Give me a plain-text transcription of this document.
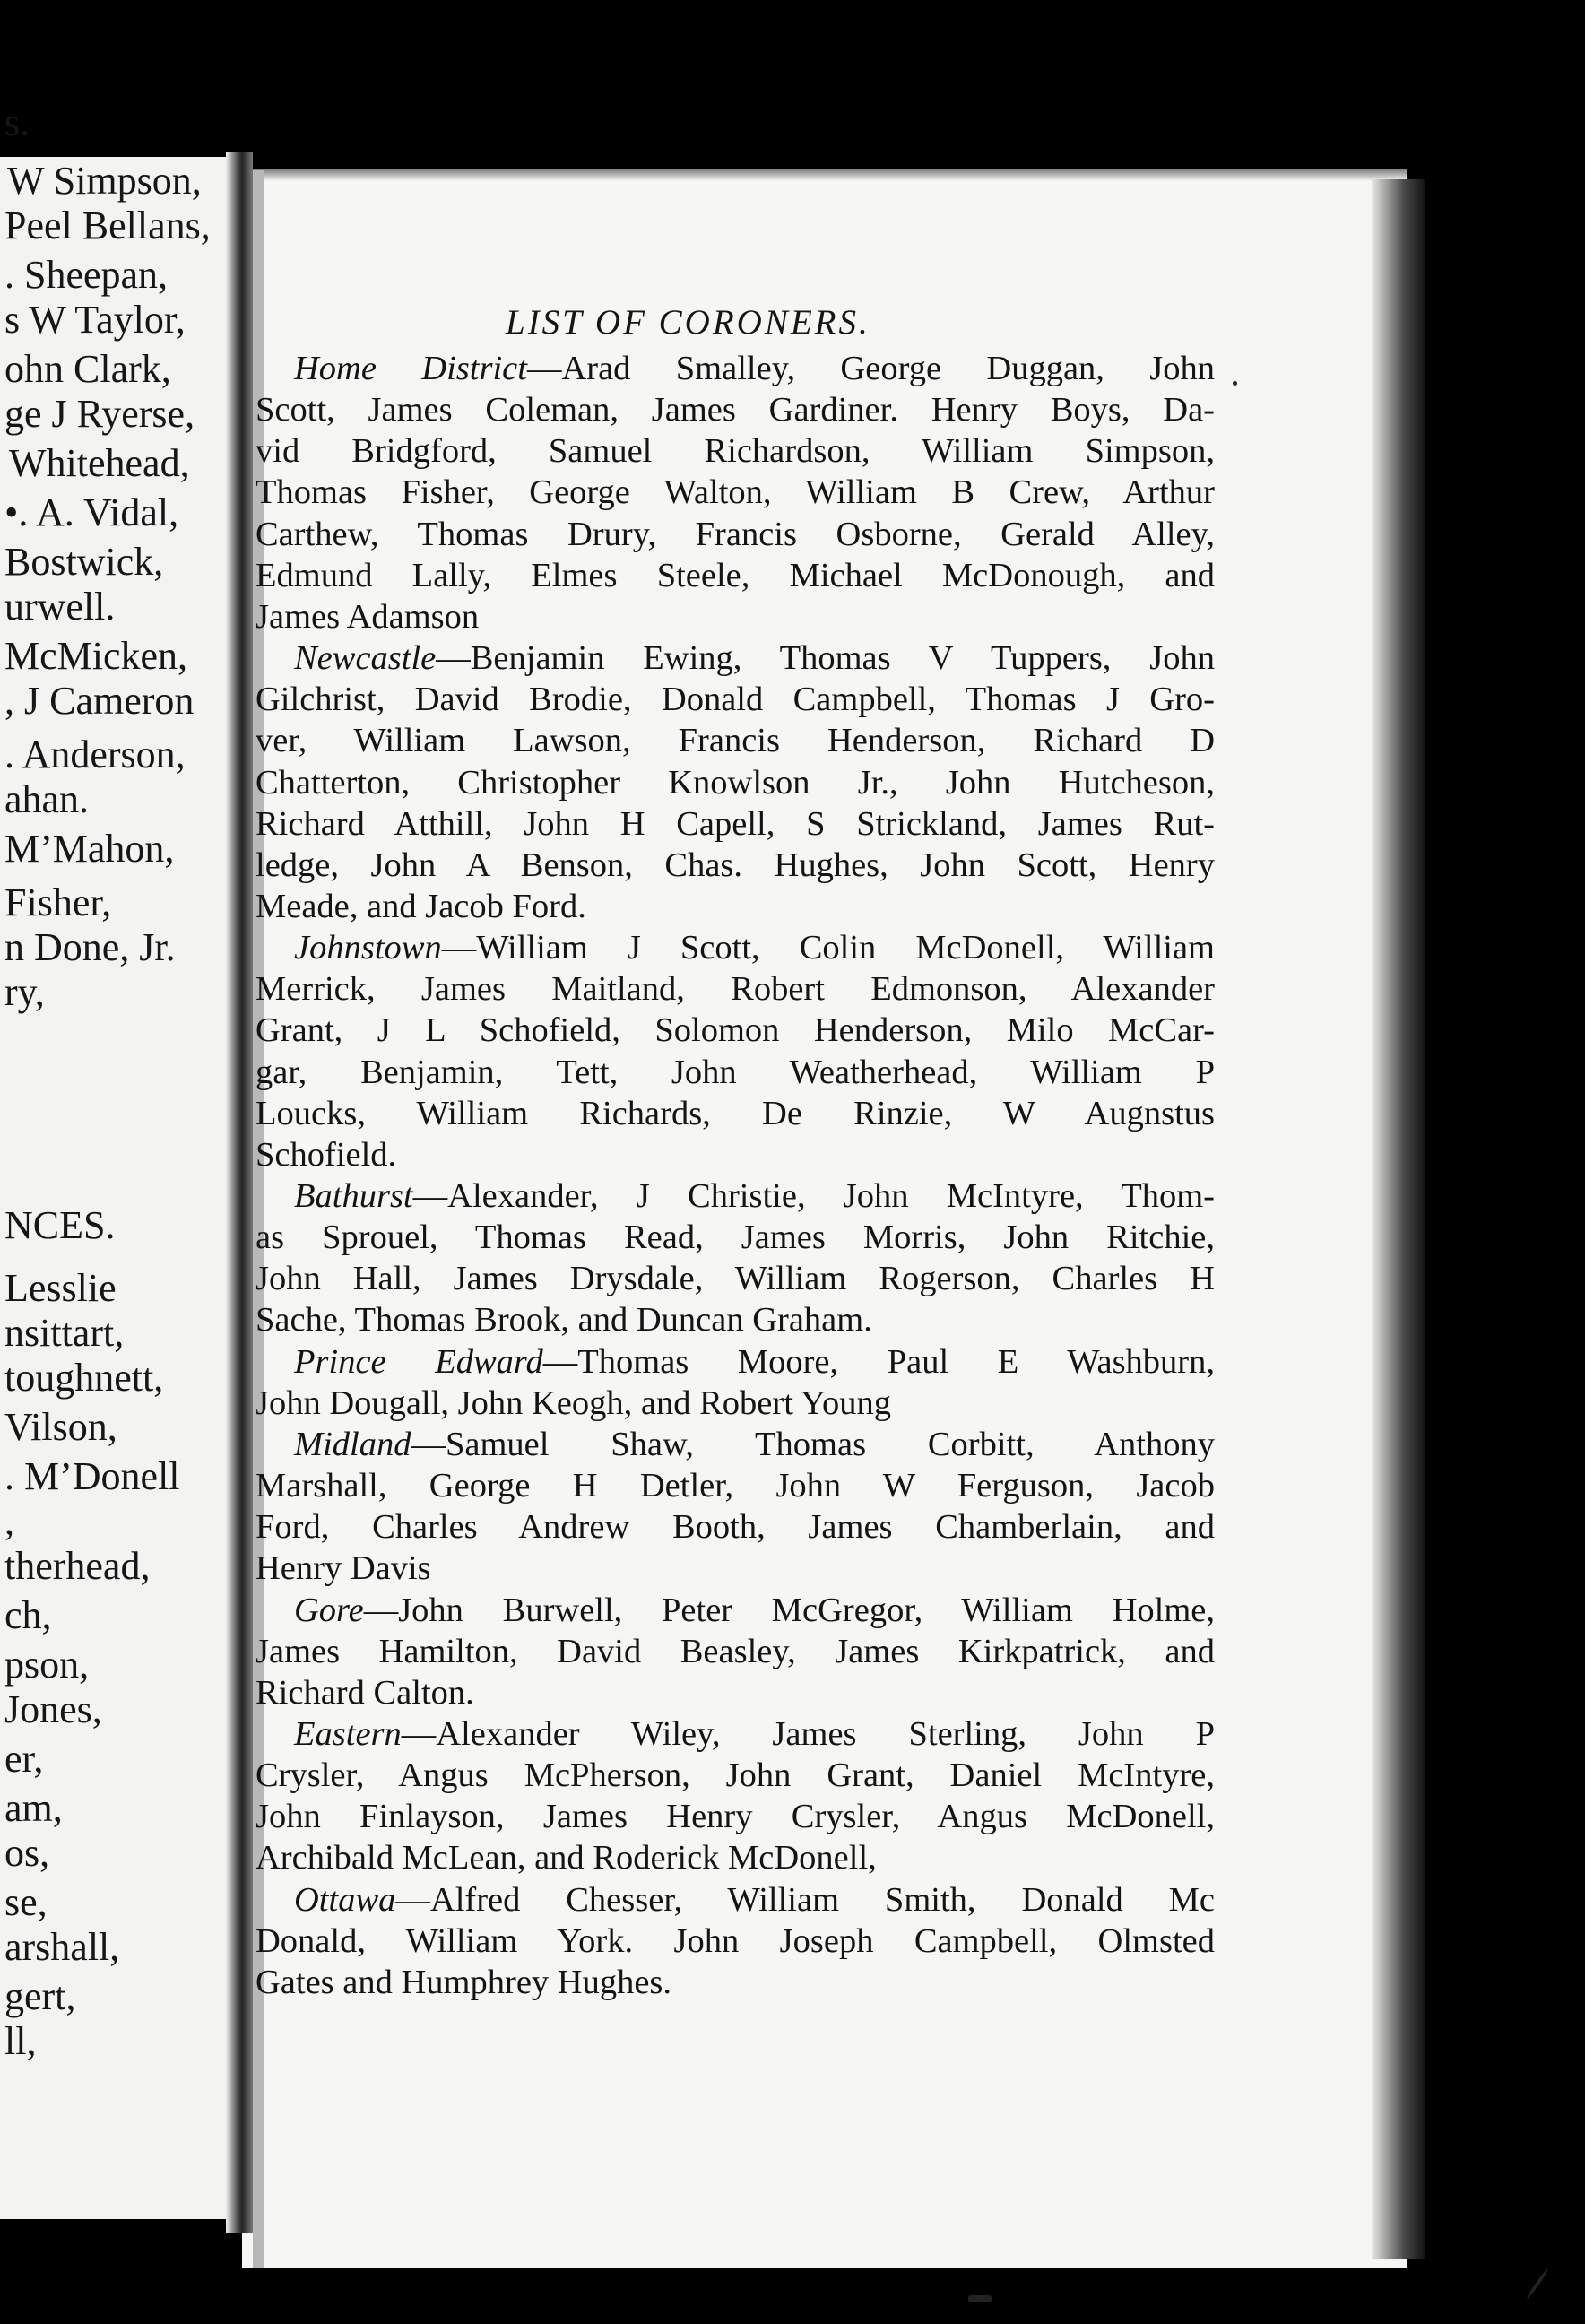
s.
W Simpson,
Peel Bellans,
. Sheepan,
s W Taylor,
ohn Clark,
ge J Ryerse,
Whitehead,
•. A. Vidal,
Bostwick,
urwell.
McMicken,
, J Cameron
. Anderson,
ahan.
M’Mahon,
Fisher,
n Done, Jr.
ry,
NCES.
Lesslie
nsittart,
toughnett,
Vilson,
. M’Donell
,
therhead,
ch,
pson,
Jones,
er,
am,
os,
se,
arshall,
gert,
ll,
LIST OF CORONERS.
Home District—Arad Smalley, George Duggan, John
Scott, James Coleman, James Gardiner. Henry Boys, Da-
vid Bridgford, Samuel Richardson, William Simpson,
Thomas Fisher, George Walton, William B Crew, Arthur
Carthew, Thomas Drury, Francis Osborne, Gerald Alley,
Edmund Lally, Elmes Steele, Michael McDonough, and
James Adamson
Newcastle—Benjamin Ewing, Thomas V Tuppers, John
Gilchrist, David Brodie, Donald Campbell, Thomas J Gro-
ver, William Lawson, Francis Henderson, Richard D
Chatterton, Christopher Knowlson Jr., John Hutcheson,
Richard Atthill, John H Capell, S Strickland, James Rut-
ledge, John A Benson, Chas. Hughes, John Scott, Henry
Meade, and Jacob Ford.
Johnstown—William J Scott, Colin McDonell, William
Merrick, James Maitland, Robert Edmonson, Alexander
Grant, J L Schofield, Solomon Henderson, Milo McCar-
gar, Benjamin, Tett, John Weatherhead, William P
Loucks, William Richards, De Rinzie, W Augnstus
Schofield.
Bathurst—Alexander, J Christie, John McIntyre, Thom-
as Sprouel, Thomas Read, James Morris, John Ritchie,
John Hall, James Drysdale, William Rogerson, Charles H
Sache, Thomas Brook, and Duncan Graham.
Prince Edward—Thomas Moore, Paul E Washburn,
John Dougall, John Keogh, and Robert Young
Midland—Samuel Shaw, Thomas Corbitt, Anthony
Marshall, George H Detler, John W Ferguson, Jacob
Ford, Charles Andrew Booth, James Chamberlain, and
Henry Davis
Gore—John Burwell, Peter McGregor, William Holme,
James Hamilton, David Beasley, James Kirkpatrick, and
Richard Calton.
Eastern—Alexander Wiley, James Sterling, John P
Crysler, Angus McPherson, John Grant, Daniel McIntyre,
John Finlayson, James Henry Crysler, Angus McDonell,
Archibald McLean, and Roderick McDonell,
Ottawa—Alfred Chesser, William Smith, Donald Mc
Donald, William York. John Joseph Campbell, Olmsted
Gates and Humphrey Hughes.
